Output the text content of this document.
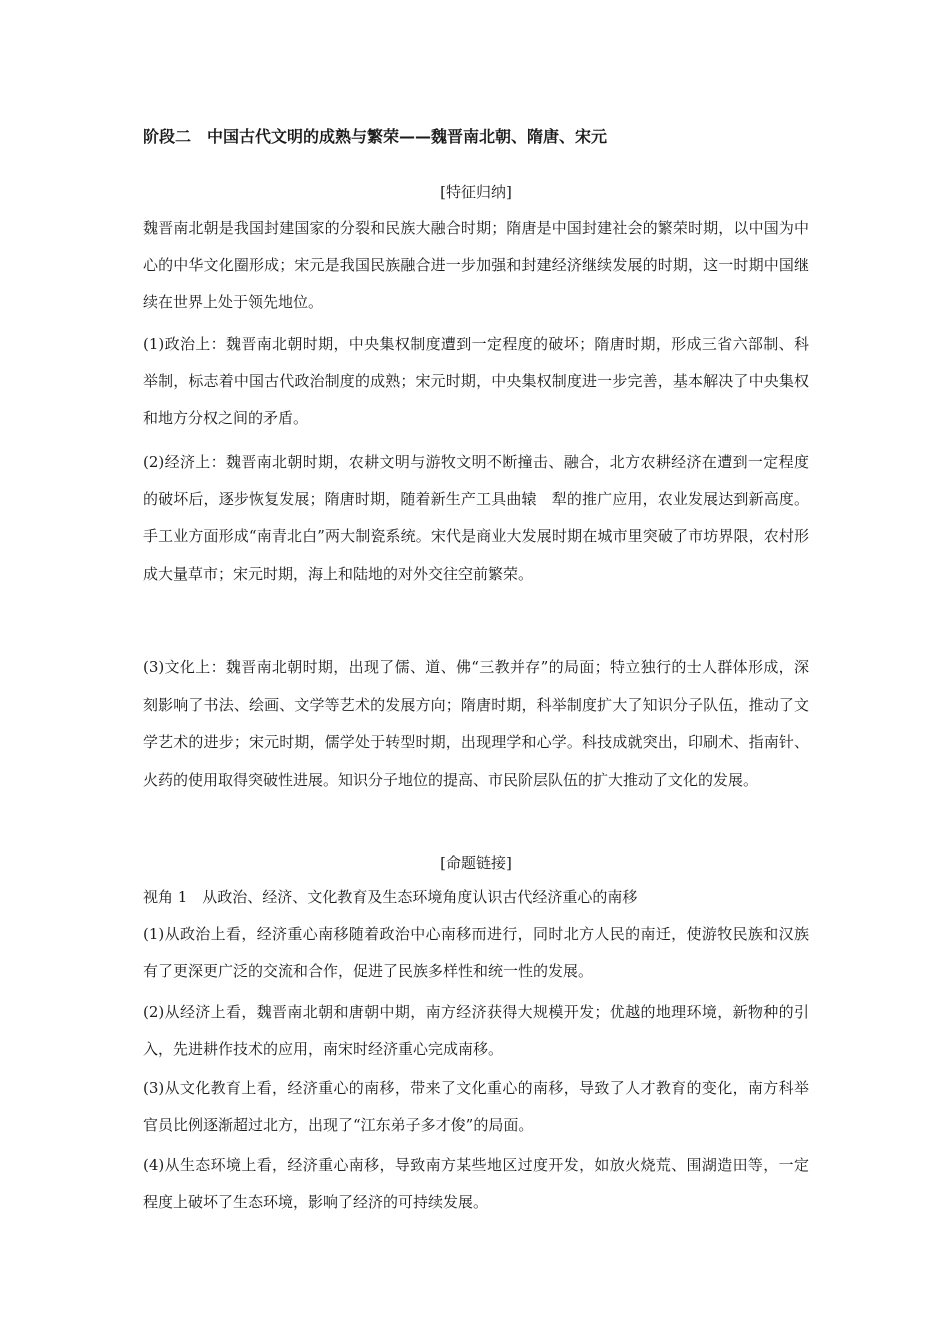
阶段二　中国古代文明的成熟与繁荣——魏晋南北朝、隋唐、宋元
[特征归纳]
魏晋南北朝是我国封建国家的分裂和民族大融合时期；隋唐是中国封建社会的繁荣时期，以中国为中心的中华文化圈形成；宋元是我国民族融合进一步加强和封建经济继续发展的时期，这一时期中国继续在世界上处于领先地位。
(1)政治上：魏晋南北朝时期，中央集权制度遭到一定程度的破坏；隋唐时期，形成三省六部制、科举制，标志着中国古代政治制度的成熟；宋元时期，中央集权制度进一步完善，基本解决了中央集权和地方分权之间的矛盾。
(2)经济上：魏晋南北朝时期，农耕文明与游牧文明不断撞击、融合，北方农耕经济在遭到一定程度的破坏后，逐步恢复发展；隋唐时期，随着新生产工具曲辕　犁的推广应用，农业发展达到新高度。手工业方面形成“南青北白”两大制瓷系统。宋代是商业大发展时期在城市里突破了市坊界限，农村形成大量草市；宋元时期，海上和陆地的对外交往空前繁荣。
(3)文化上：魏晋南北朝时期，出现了儒、道、佛“三教并存”的局面；特立独行的士人群体形成，深刻影响了书法、绘画、文学等艺术的发展方向；隋唐时期，科举制度扩大了知识分子队伍，推动了文学艺术的进步；宋元时期，儒学处于转型时期，出现理学和心学。科技成就突出，印刷术、指南针、火药的使用取得突破性进展。知识分子地位的提高、市民阶层队伍的扩大推动了文化的发展。
[命题链接]
视角 1　从政治、经济、文化教育及生态环境角度认识古代经济重心的南移
(1)从政治上看，经济重心南移随着政治中心南移而进行，同时北方人民的南迁，使游牧民族和汉族有了更深更广泛的交流和合作，促进了民族多样性和统一性的发展。
(2)从经济上看，魏晋南北朝和唐朝中期，南方经济获得大规模开发；优越的地理环境，新物种的引入，先进耕作技术的应用，南宋时经济重心完成南移。
(3)从文化教育上看，经济重心的南移，带来了文化重心的南移，导致了人才教育的变化，南方科举官员比例逐渐超过北方，出现了“江东弟子多才俊”的局面。
(4)从生态环境上看，经济重心南移，导致南方某些地区过度开发，如放火烧荒、围湖造田等，一定程度上破坏了生态环境，影响了经济的可持续发展。
